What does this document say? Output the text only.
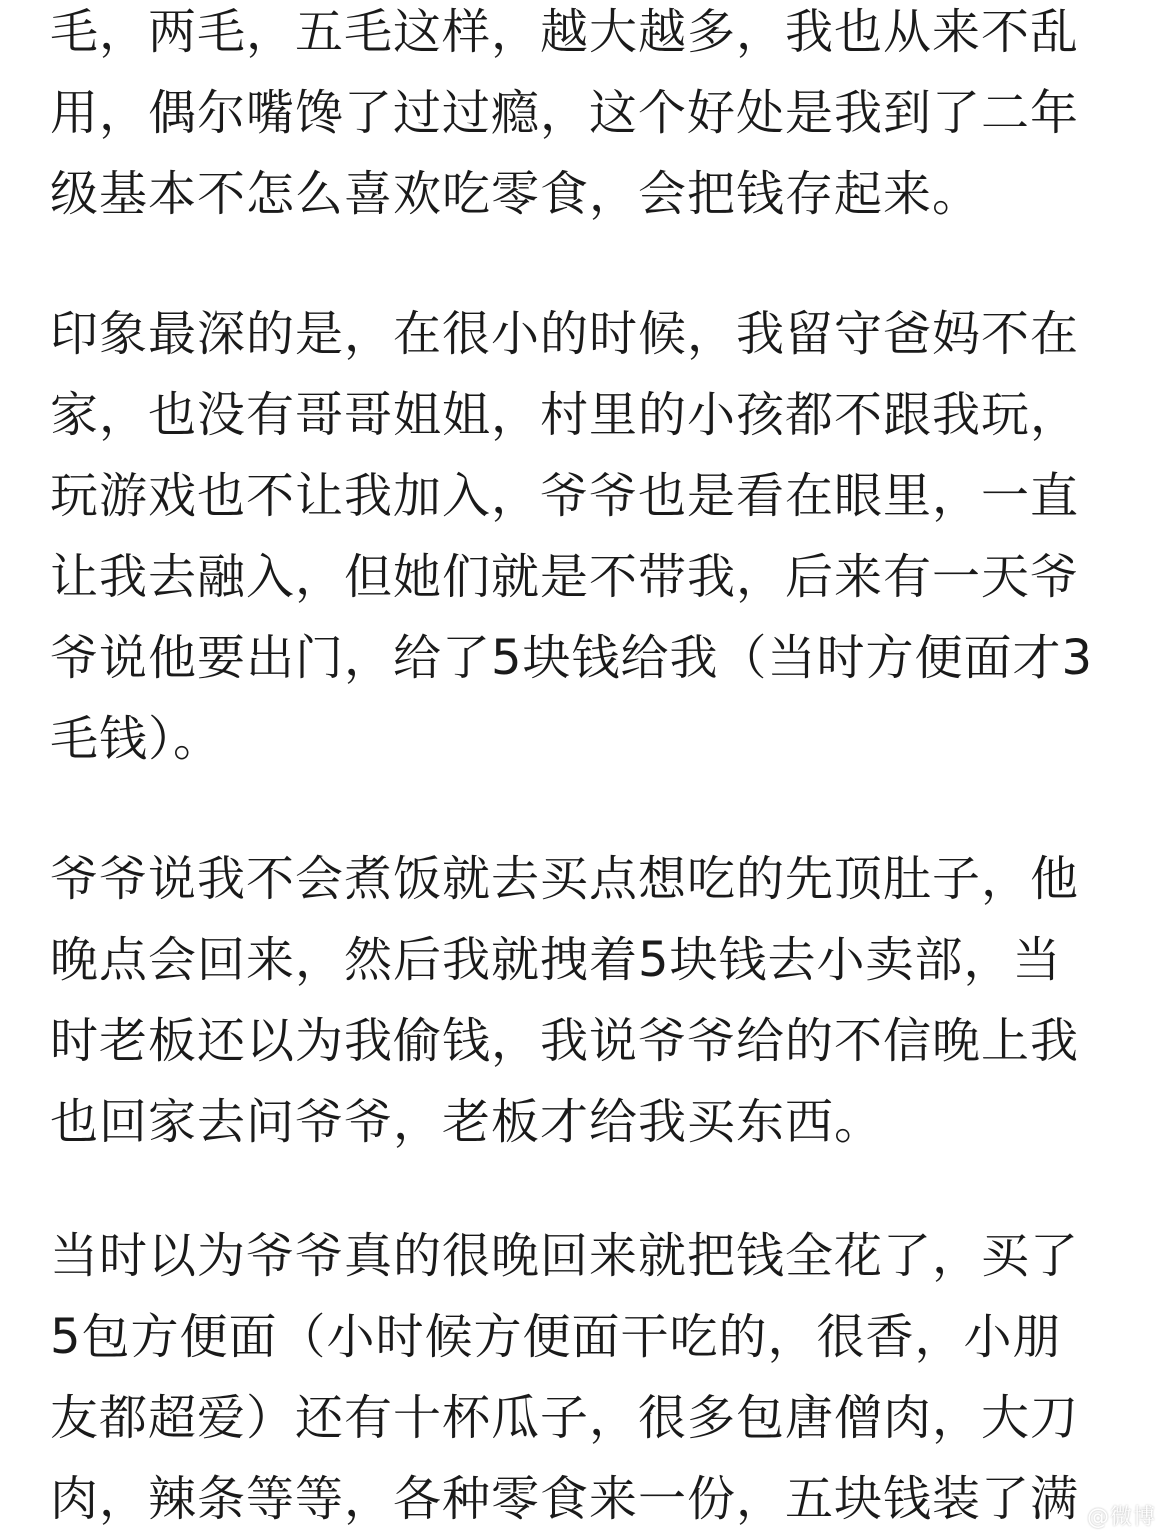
毛，两毛，五毛这样，越大越多，我也从来不乱
用，偶尔嘴馋了过过瘾，这个好处是我到了二年
级基本不怎么喜欢吃零食，会把钱存起来。
印象最深的是，在很小的时候，我留守爸妈不在
家，也没有哥哥姐姐，村里的小孩都不跟我玩，
玩游戏也不让我加入，爷爷也是看在眼里，一直
让我去融入，但她们就是不带我，后来有一天爷
爷说他要出门，给了5块钱给我（当时方便面才3
毛钱）。
爷爷说我不会煮饭就去买点想吃的先顶肚子，他
晚点会回来，然后我就拽着5块钱去小卖部，当
时老板还以为我偷钱，我说爷爷给的不信晚上我
也回家去问爷爷，老板才给我买东西。
当时以为爷爷真的很晚回来就把钱全花了，买了
5包方便面（小时候方便面干吃的，很香，小朋
友都超爱）还有十杯瓜子，很多包唐僧肉，大刀
肉，辣条等等，各种零食来一份，五块钱装了满 @微博
